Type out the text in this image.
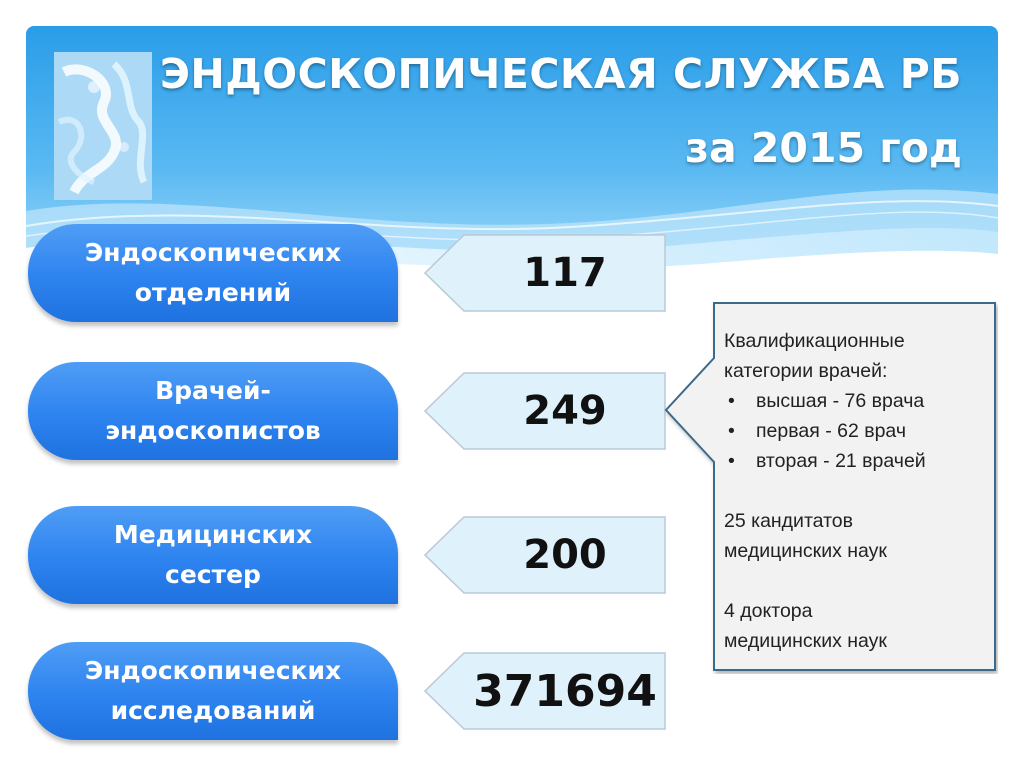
ЭНДОСКОПИЧЕСКАЯ СЛУЖБА РБ
за 2015 год
Эндоскопических
отделений	117
Врачей-
эндоскопистов	249
Медицинских
сестер	200
Эндоскопических
исследований	371694
Квалификационные
категории врачей:
• высшая - 76 врача
• первая - 62 врач
• вторая - 21 врачей
25 кандитатов
медицинских наук
4 доктора
медицинских наук
